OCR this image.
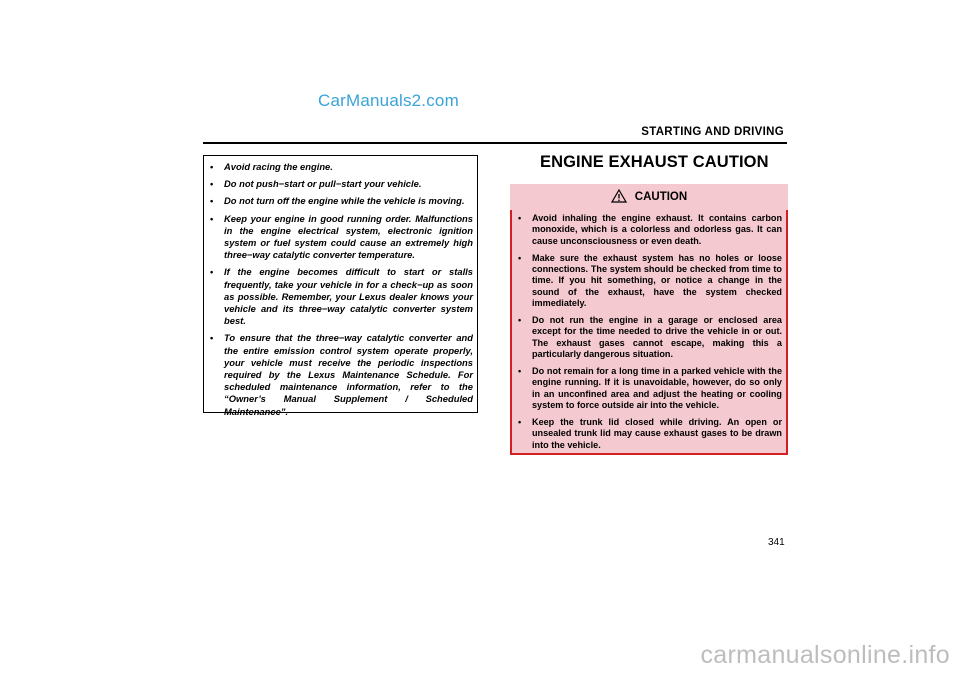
CarManuals2.com
STARTING AND DRIVING
• Avoid racing the engine.
• Do not push−start or pull−start your vehicle.
• Do not turn off the engine while the vehicle is moving.
• Keep your engine in good running order. Malfunctions in the engine electrical system, electronic ignition system or fuel system could cause an extremely high three−way catalytic converter temperature.
• If the engine becomes difficult to start or stalls frequently, take your vehicle in for a check−up as soon as possible. Remember, your Lexus dealer knows your vehicle and its three−way catalytic converter system best.
• To ensure that the three−way catalytic converter and the entire emission control system operate properly, your vehicle must receive the periodic inspections required by the Lexus Maintenance Schedule. For scheduled maintenance information, refer to the “Owner’s Manual Supplement / Scheduled Maintenance”.
ENGINE EXHAUST CAUTION
CAUTION
• Avoid inhaling the engine exhaust. It contains carbon monoxide, which is a colorless and odorless gas. It can cause unconsciousness or even death.
• Make sure the exhaust system has no holes or loose connections. The system should be checked from time to time. If you hit something, or notice a change in the sound of the exhaust, have the system checked immediately.
• Do not run the engine in a garage or enclosed area except for the time needed to drive the vehicle in or out. The exhaust gases cannot escape, making this a particularly dangerous situation.
• Do not remain for a long time in a parked vehicle with the engine running. If it is unavoidable, however, do so only in an unconfined area and adjust the heating or cooling system to force outside air into the vehicle.
• Keep the trunk lid closed while driving. An open or unsealed trunk lid may cause exhaust gases to be drawn into the vehicle.
341
carmanualsonline.info
